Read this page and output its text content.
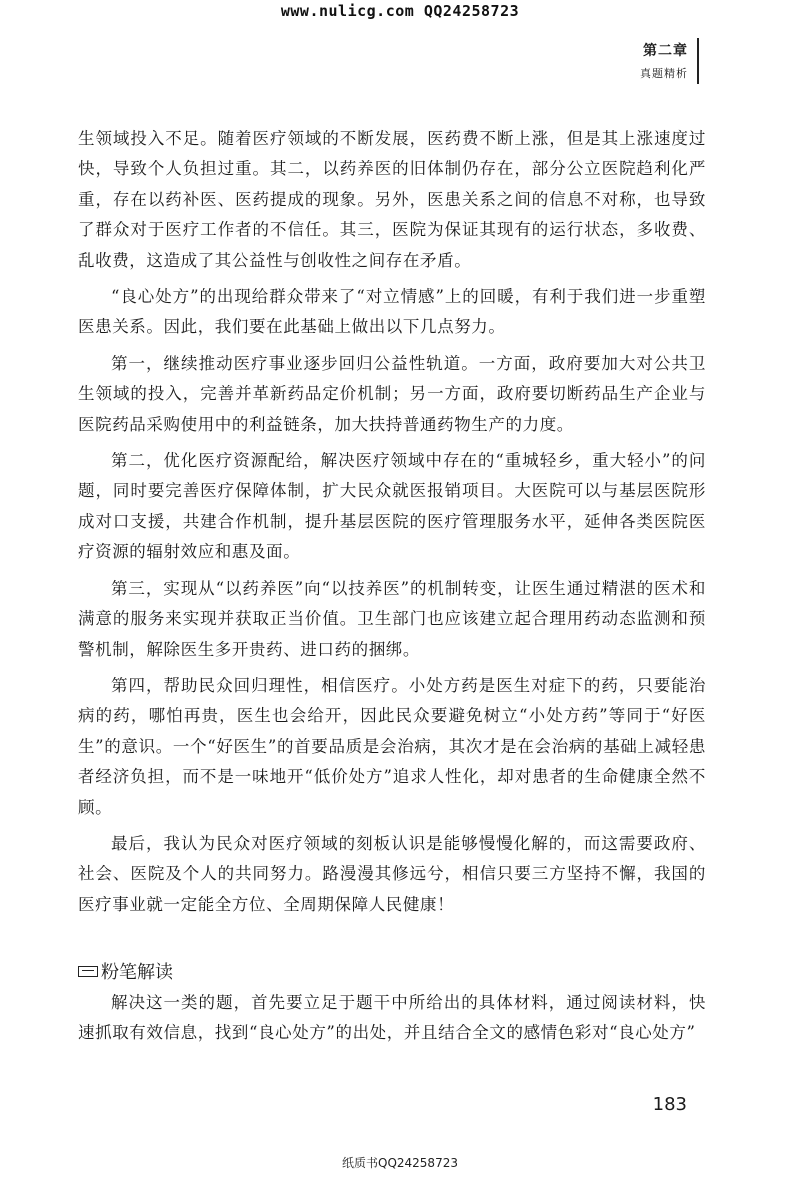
www.nulicg.com QQ24258723
第二章
真题精析

生领域投入不足。随着医疗领域的不断发展，医药费不断上涨，但是其上涨速度过快，导致个人负担过重。其二，以药养医的旧体制仍存在，部分公立医院趋利化严重，存在以药补医、医药提成的现象。另外，医患关系之间的信息不对称，也导致了群众对于医疗工作者的不信任。其三，医院为保证其现有的运行状态，多收费、乱收费，这造成了其公益性与创收性之间存在矛盾。

“良心处方”的出现给群众带来了“对立情感”上的回暖，有利于我们进一步重塑医患关系。因此，我们要在此基础上做出以下几点努力。

第一，继续推动医疗事业逐步回归公益性轨道。一方面，政府要加大对公共卫生领域的投入，完善并革新药品定价机制；另一方面，政府要切断药品生产企业与医院药品采购使用中的利益链条，加大扶持普通药物生产的力度。

第二，优化医疗资源配给，解决医疗领域中存在的“重城轻乡，重大轻小”的问题，同时要完善医疗保障体制，扩大民众就医报销项目。大医院可以与基层医院形成对口支援，共建合作机制，提升基层医院的医疗管理服务水平，延伸各类医院医疗资源的辐射效应和惠及面。

第三，实现从“以药养医”向“以技养医”的机制转变，让医生通过精湛的医术和满意的服务来实现并获取正当价值。卫生部门也应该建立起合理用药动态监测和预警机制，解除医生多开贵药、进口药的捆绑。

第四，帮助民众回归理性，相信医疗。小处方药是医生对症下的药，只要能治病的药，哪怕再贵，医生也会给开，因此民众要避免树立“小处方药”等同于“好医生”的意识。一个“好医生”的首要品质是会治病，其次才是在会治病的基础上减轻患者经济负担，而不是一味地开“低价处方”追求人性化，却对患者的生命健康全然不顾。

最后，我认为民众对医疗领域的刻板认识是能够慢慢化解的，而这需要政府、社会、医院及个人的共同努力。路漫漫其修远兮，相信只要三方坚持不懈，我国的医疗事业就一定能全方位、全周期保障人民健康！

粉笔解读

解决这一类的题，首先要立足于题干中所给出的具体材料，通过阅读材料，快速抓取有效信息，找到“良心处方”的出处，并且结合全文的感情色彩对“良心处方”

183
纸质书QQ24258723
